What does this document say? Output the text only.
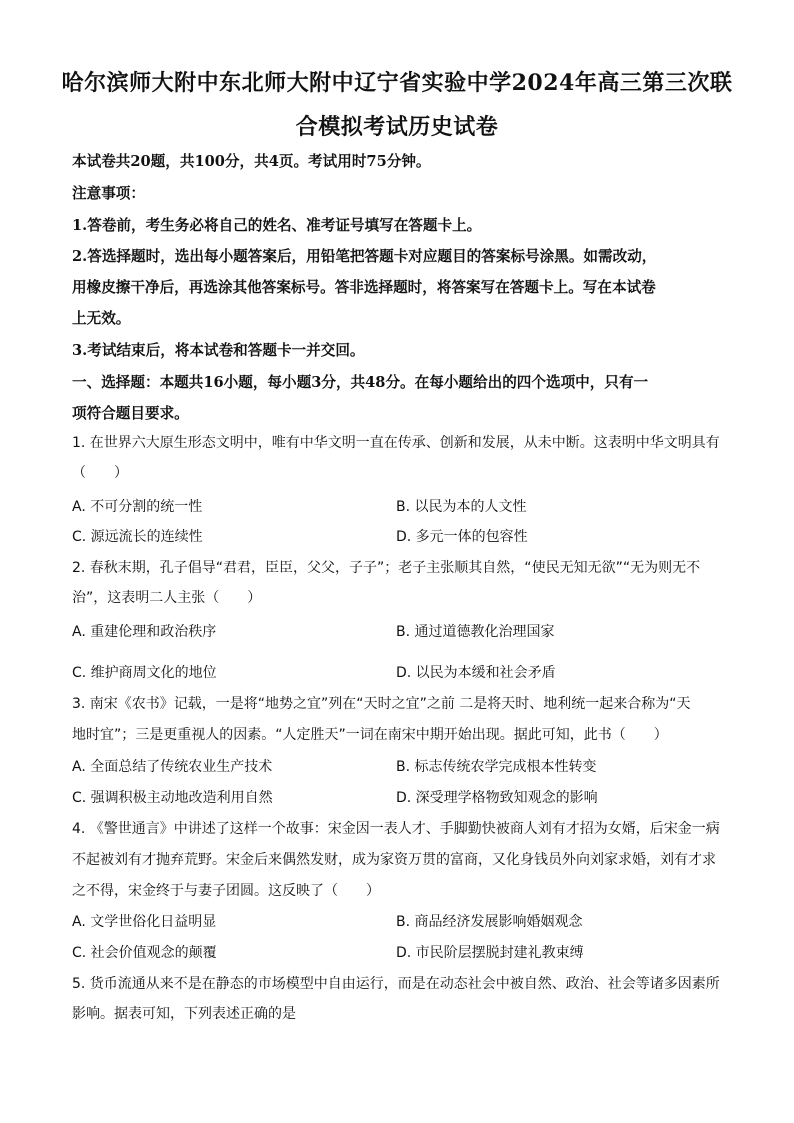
哈尔滨师大附中东北师大附中辽宁省实验中学2024年高三第三次联
合模拟考试历史试卷
本试卷共20题，共100分，共4页。考试用时75分钟。
注意事项：
1.答卷前，考生务必将自己的姓名、准考证号填写在答题卡上。
2.答选择题时，选出每小题答案后，用铅笔把答题卡对应题目的答案标号涂黑。如需改动，
用橡皮擦干净后，再选涂其他答案标号。答非选择题时，将答案写在答题卡上。写在本试卷
上无效。
3.考试结束后，将本试卷和答题卡一并交回。
一、选择题：本题共16小题，每小题3分，共48分。在每小题给出的四个选项中，只有一
项符合题目要求。
1. 在世界六大原生形态文明中，唯有中华文明一直在传承、创新和发展，从未中断。这表明中华文明具有
（　　）
A. 不可分割的统一性	B. 以民为本的人文性
C. 源远流长的连续性	D. 多元一体的包容性
2. 春秋末期，孔子倡导“君君，臣臣，父父，子子”；老子主张顺其自然，“使民无知无欲”“无为则无不
治”，这表明二人主张（　　）
A. 重建伦理和政治秩序	B. 通过道德教化治理国家
C. 维护商周文化的地位	D. 以民为本缓和社会矛盾
3. 南宋《农书》记载，一是将“地势之宜”列在“天时之宜”之前 二是将天时、地利统一起来合称为“天
地时宜”；三是更重视人的因素。“人定胜天”一词在南宋中期开始出现。据此可知，此书（　　）
A. 全面总结了传统农业生产技术	B. 标志传统农学完成根本性转变
C. 强调积极主动地改造利用自然	D. 深受理学格物致知观念的影响
4. 《警世通言》中讲述了这样一个故事：宋金因一表人才、手脚勤快被商人刘有才招为女婿，后宋金一病
不起被刘有才抛弃荒野。宋金后来偶然发财，成为家资万贯的富商，又化身钱员外向刘家求婚，刘有才求
之不得，宋金终于与妻子团圆。这反映了（　　）
A. 文学世俗化日益明显	B. 商品经济发展影响婚姻观念
C. 社会价值观念的颠覆	D. 市民阶层摆脱封建礼教束缚
5. 货币流通从来不是在静态的市场模型中自由运行，而是在动态社会中被自然、政治、社会等诸多因素所
影响。据表可知，下列表述正确的是
